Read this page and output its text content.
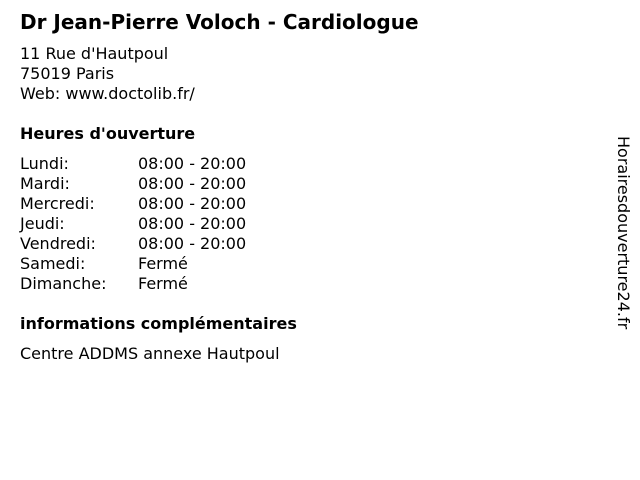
Dr Jean-Pierre Voloch - Cardiologue
11 Rue d'Hautpoul
75019 Paris
Web: www.doctolib.fr/
Heures d'ouverture
Lundi:	08:00 - 20:00
Mardi:	08:00 - 20:00
Mercredi:	08:00 - 20:00
Jeudi:	08:00 - 20:00
Vendredi:	08:00 - 20:00
Samedi:	Fermé
Dimanche:	Fermé
informations complémentaires
Centre ADDMS annexe Hautpoul
Horairesdouverture24.fr
